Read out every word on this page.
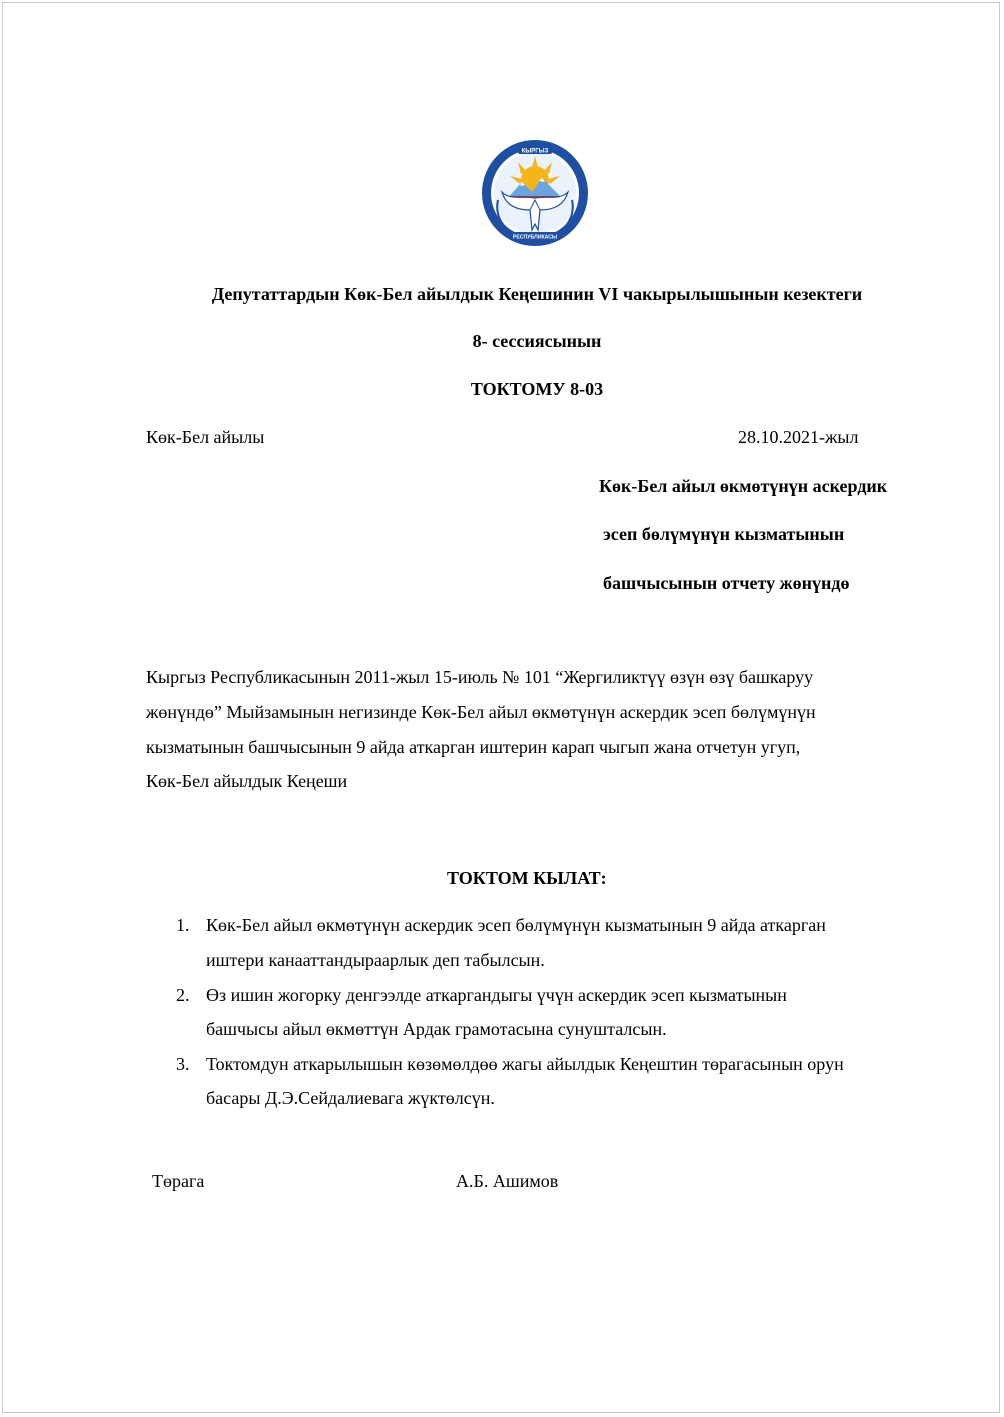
КЫРГЫЗ
РЕСПУБЛИКАСЫ
Депутаттардын Көк-Бел айылдык Кеңешинин VI чакырылышынын кезектеги
8- сессиясынын
ТОКТОМУ 8-03
Көк-Бел айылы	28.10.2021-жыл
Көк-Бел айыл өкмөтүнүн аскердик
эсеп бөлүмүнүн кызматынын
башчысынын отчету жөнүндө
Кыргыз Республикасынын 2011-жыл 15-июль № 101 “Жергиликтүү өзүн өзү башкаруу
жөнүндө” Мыйзамынын негизинде Көк-Бел айыл өкмөтүнүн аскердик эсеп бөлүмүнүн
кызматынын башчысынын 9 айда аткарган иштерин карап чыгып жана отчетун угуп,
Көк-Бел айылдык Кеңеши
ТОКТОМ КЫЛАТ:
1. Көк-Бел айыл өкмөтүнүн аскердик эсеп бөлүмүнүн кызматынын 9 айда аткарган
иштери канааттандыраарлык деп табылсын.
2. Өз ишин жогорку денгээлде аткаргандыгы үчүн аскердик эсеп кызматынын
башчысы айыл өкмөттүн Ардак грамотасына сунушталсын.
3. Токтомдун аткарылышын көзөмөлдөө жагы айылдык Кеңештин төрагасынын орун
басары Д.Э.Сейдалиевага жүктөлсүн.
Төрага	А.Б. Ашимов
